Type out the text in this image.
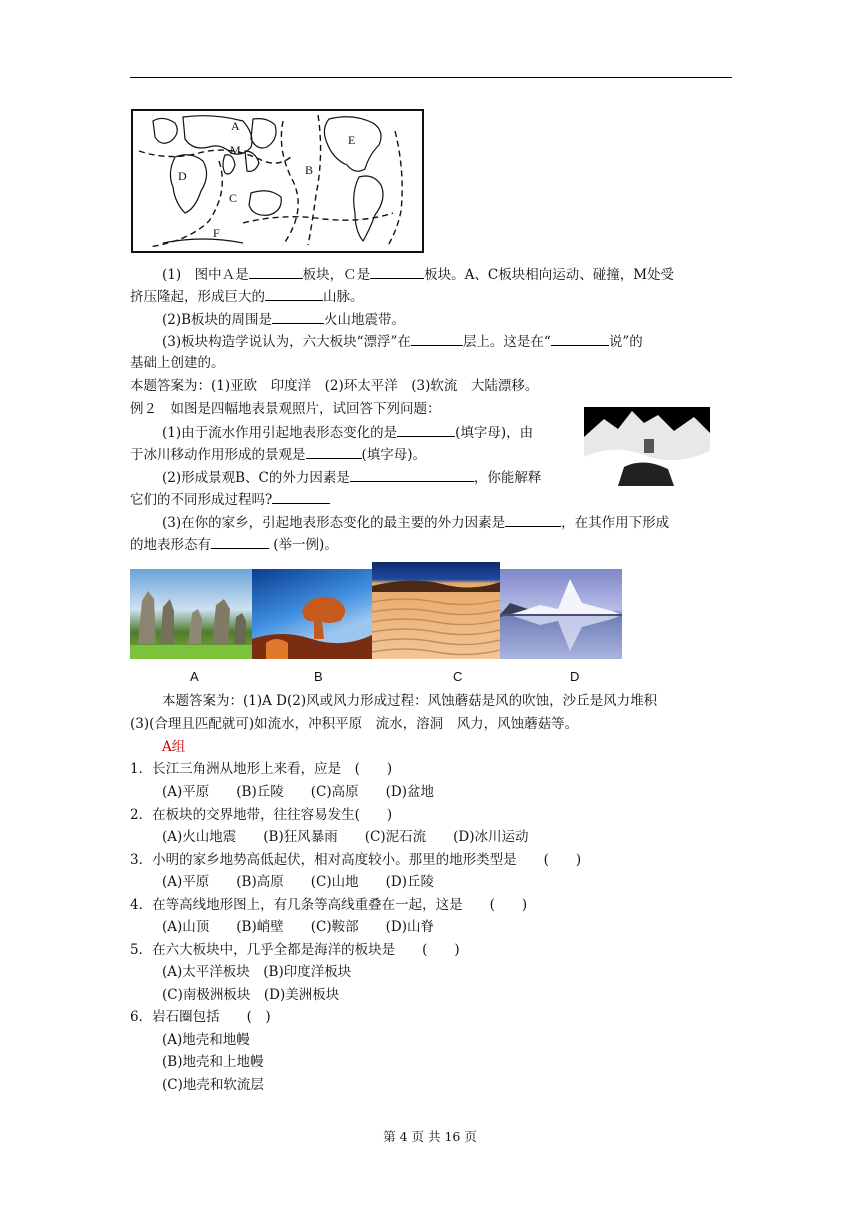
A
M
E
B
D
C
F
(1)　图中Ａ是	板块，Ｃ是	板块。A、C板块相向运动、碰撞，M处受
挤压隆起，形成巨大的	山脉。
(2)B板块的周围是	火山地震带。
(3)板块构造学说认为，六大板块“漂浮”在	层上。这是在“	说”的
基础上创建的。
本题答案为：(1)亚欧　印度洋　(2)环太平洋　(3)软流　大陆漂移。
例２　如图是四幅地表景观照片，试回答下列问题：
(1)由于流水作用引起地表形态变化的是	(填字母)，由
于冰川移动作用形成的景观是	(填字母)。
(2)形成景观B、C的外力因素是	，你能解释
它们的不同形成过程吗?
(3)在你的家乡，引起地表形态变化的最主要的外力因素是	，在其作用下形成
的地表形态有	(举一例)。
A	B	C	D
本题答案为：(1)A D(2)风或风力形成过程：风蚀蘑菇是风的吹蚀，沙丘是风力堆积
(3)(合理且匹配就可)如流水，冲积平原　流水，溶洞　风力，风蚀蘑菇等。
A组
1．长江三角洲从地形上来看，应是　(　　)
(A)平原　　(B)丘陵　　(C)高原　　(D)盆地
2．在板块的交界地带，往往容易发生(　　)
(A)火山地震　　(B)狂风暴雨　　(C)泥石流　　(D)冰川运动
3．小明的家乡地势高低起伏，相对高度较小。那里的地形类型是　　(　　)
(A)平原　　(B)高原　　(C)山地　　(D)丘陵
4．在等高线地形图上，有几条等高线重叠在一起，这是　　(　　)
(A)山顶　　(B)峭壁　　(C)鞍部　　(D)山脊
5．在六大板块中，几乎全都是海洋的板块是　　(　　)
(A)太平洋板块　(B)印度洋板块
(C)南极洲板块　(D)美洲板块
6．岩石圈包括　　(　)
(A)地壳和地幔
(B)地壳和上地幔
(C)地壳和软流层
第 4 页 共 16 页
